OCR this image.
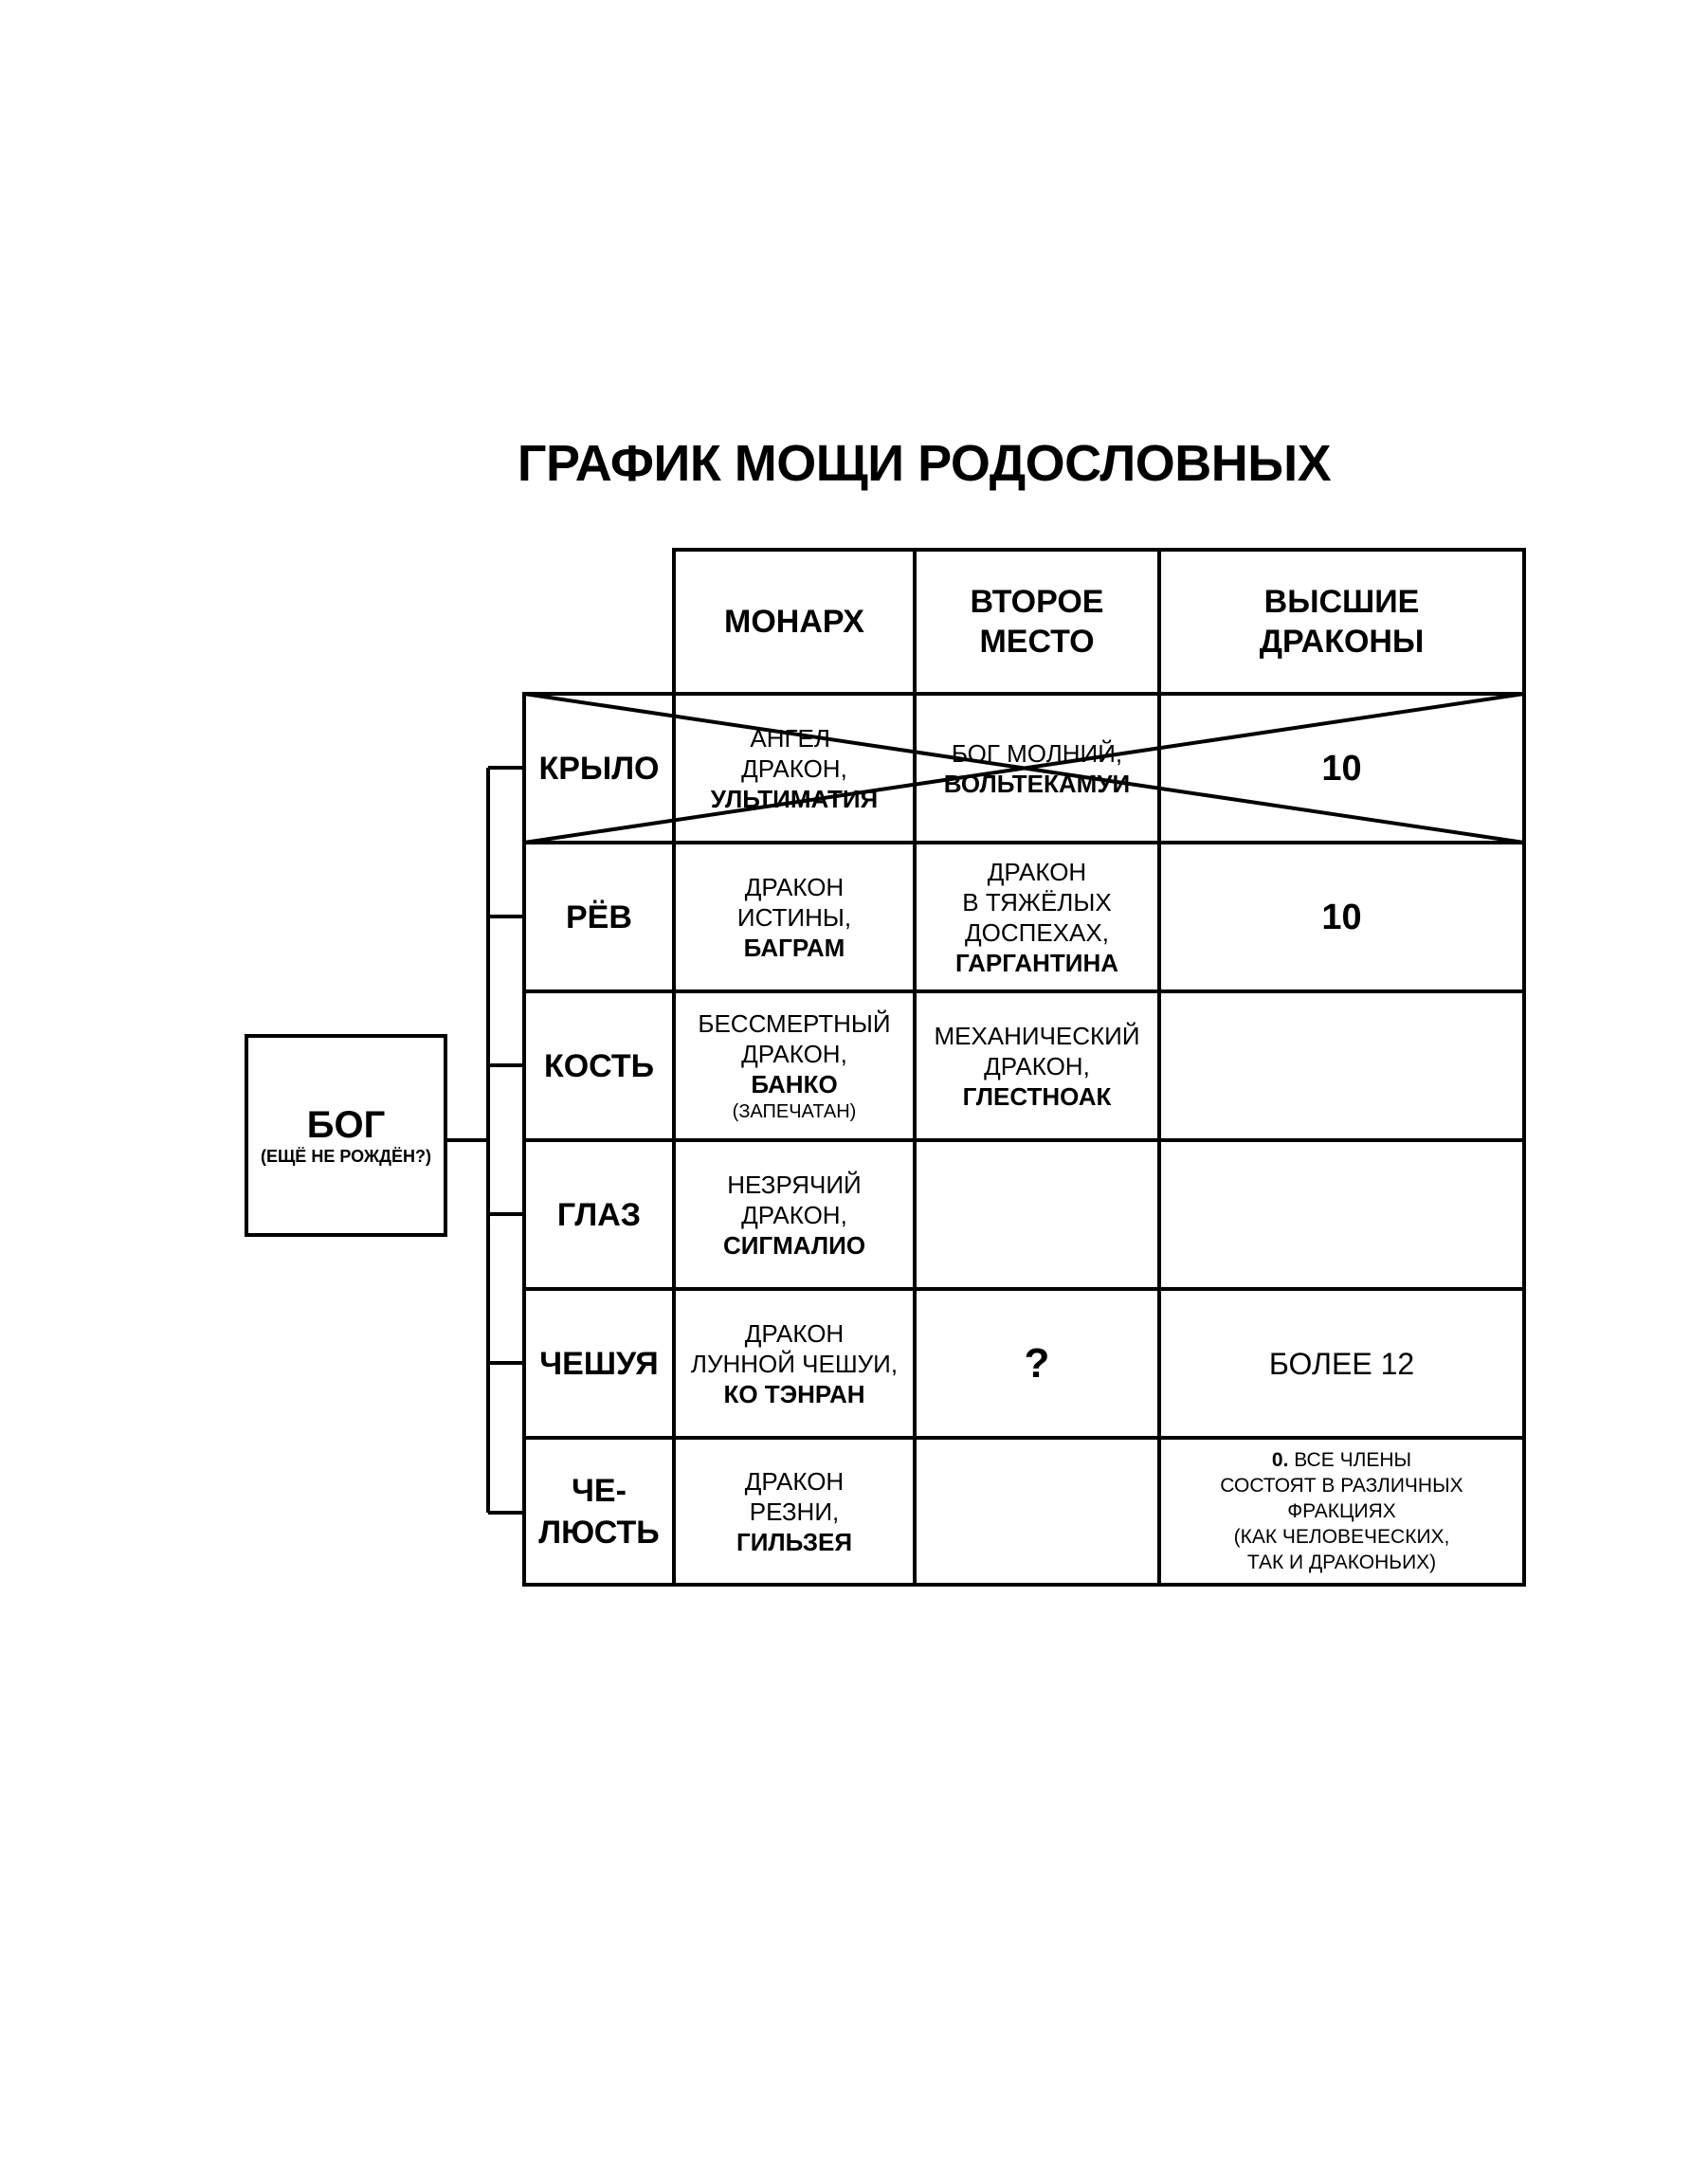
ГРАФИК МОЩИ РОДОСЛОВНЫХ
БОГ
(ЕЩЁ НЕ РОЖДЁН?)
МОНАРХ
ВТОРОЕ
МЕСТО
ВЫСШИЕ
ДРАКОНЫ
КРЫЛО
АНГЕЛ-
ДРАКОН,
УЛЬТИМАТИЯ
БОГ МОЛНИЙ,
ВОЛЬТЕКАМУИ	10
РЁВ
ДРАКОН
ИСТИНЫ,
БАГРАМ
ДРАКОН
В ТЯЖЁЛЫХ
ДОСПЕХАХ,
ГАРГАНТИНА
10
КОСТЬ
БЕССМЕРТНЫЙ
ДРАКОН,
БАНКО
(ЗАПЕЧАТАН)
МЕХАНИЧЕСКИЙ
ДРАКОН,
ГЛЕСТНОАК
ГЛАЗ
НЕЗРЯЧИЙ
ДРАКОН,
СИГМАЛИО
ЧЕШУЯ
ДРАКОН
ЛУННОЙ ЧЕШУИ,
КО ТЭНРАН
?	БОЛЕЕ 12
ЧЕ-
ЛЮСТЬ
ДРАКОН
РЕЗНИ,
ГИЛЬЗЕЯ
0. ВСЕ ЧЛЕНЫ
СОСТОЯТ В РАЗЛИЧНЫХ
ФРАКЦИЯХ
(КАК ЧЕЛОВЕЧЕСКИХ,
ТАК И ДРАКОНЬИХ)
